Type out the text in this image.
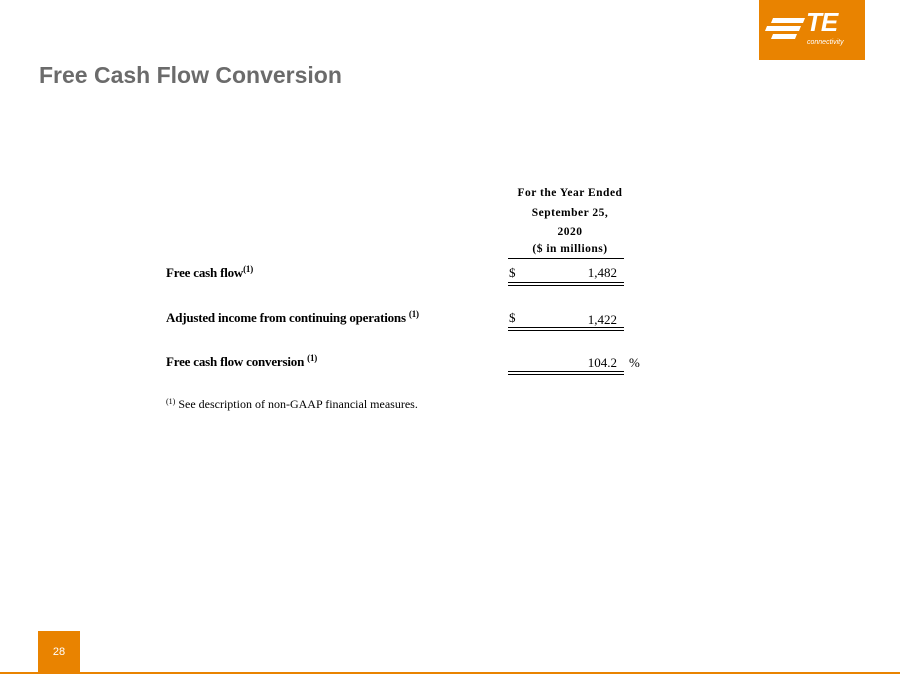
Free Cash Flow Conversion
TE
connectivity
For the Year Ended
September 25,
2020
($ in millions)
Free cash flow$^{(1)}$	$	1,482
Adjusted income from continuing operations $^{(1)}$	$	1,422
Free cash flow conversion $^{(1)}$	104.2 %
$^{(1)}$ See description of non-GAAP financial measures.
28
